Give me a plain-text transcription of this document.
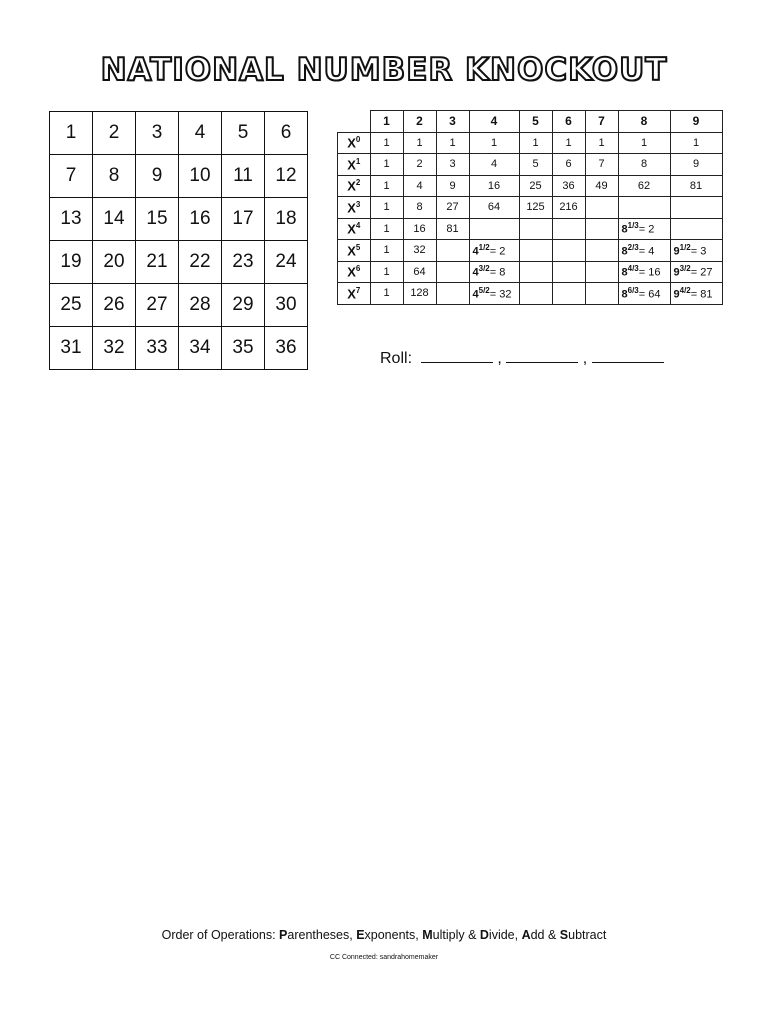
NATIONAL NUMBER KNOCKOUT
1	2	3	4	5	6
7	8	9	10	11	12
13	14	15	16	17	18
19	20	21	22	23	24
25	26	27	28	29	30
31	32	33	34	35	36
	1	2	3	4	5	6	7	8	9
$X^0$	1	1	1	1	1	1	1	1	1
$X^1$	1	2	3	4	5	6	7	8	9
$X^2$	1	4	9	16	25	36	49	62	81
$X^3$	1	8	27	64	125	216			
$X^4$	1	16	81					$8^{1/3}= 2$	
$X^5$	1	32		$4^{1/2}= 2$				$8^{2/3}= 4$	$9^{1/2}= 3$
$X^6$	1	64		$4^{3/2}= 8$				$8^{4/3}= 16$	$9^{3/2}= 27$
$X^7$	1	128		$4^{5/2}= 32$				$8^{6/3}= 64$	$9^{4/2}= 81$
Roll:	,	,
Order of Operations: Parentheses, Exponents, Multiply & Divide, Add & Subtract
CC Connected: sandrahomemaker
